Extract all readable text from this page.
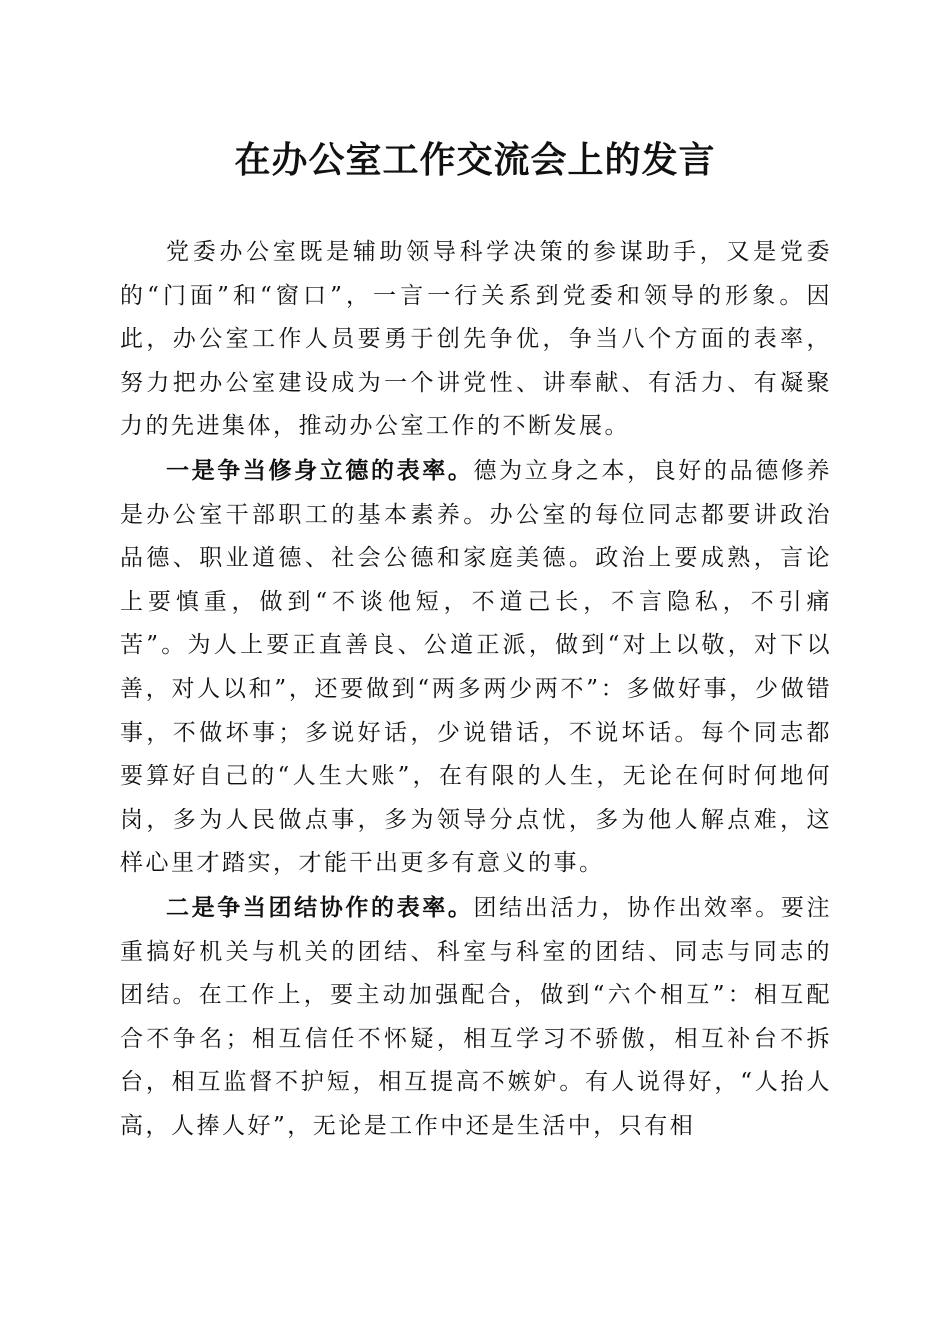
在办公室工作交流会上的发言

党委办公室既是辅助领导科学决策的参谋助手，又是党委的“门面”和“窗口”，一言一行关系到党委和领导的形象。因此，办公室工作人员要勇于创先争优，争当八个方面的表率，努力把办公室建设成为一个讲党性、讲奉献、有活力、有凝聚力的先进集体，推动办公室工作的不断发展。

一是争当修身立德的表率。德为立身之本，良好的品德修养是办公室干部职工的基本素养。办公室的每位同志都要讲政治品德、职业道德、社会公德和家庭美德。政治上要成熟，言论上要慎重，做到“不谈他短，不道己长，不言隐私，不引痛苦”。为人上要正直善良、公道正派，做到“对上以敬，对下以善，对人以和”，还要做到“两多两少两不”：多做好事，少做错事，不做坏事；多说好话，少说错话，不说坏话。每个同志都要算好自己的“人生大账”，在有限的人生，无论在何时何地何岗，多为人民做点事，多为领导分点忧，多为他人解点难，这样心里才踏实，才能干出更多有意义的事。

二是争当团结协作的表率。团结出活力，协作出效率。要注重搞好机关与机关的团结、科室与科室的团结、同志与同志的团结。在工作上，要主动加强配合，做到“六个相互”：相互配合不争名；相互信任不怀疑，相互学习不骄傲，相互补台不拆台，相互监督不护短，相互提高不嫉妒。有人说得好，“人抬人高，人捧人好”，无论是工作中还是生活中，只有相
